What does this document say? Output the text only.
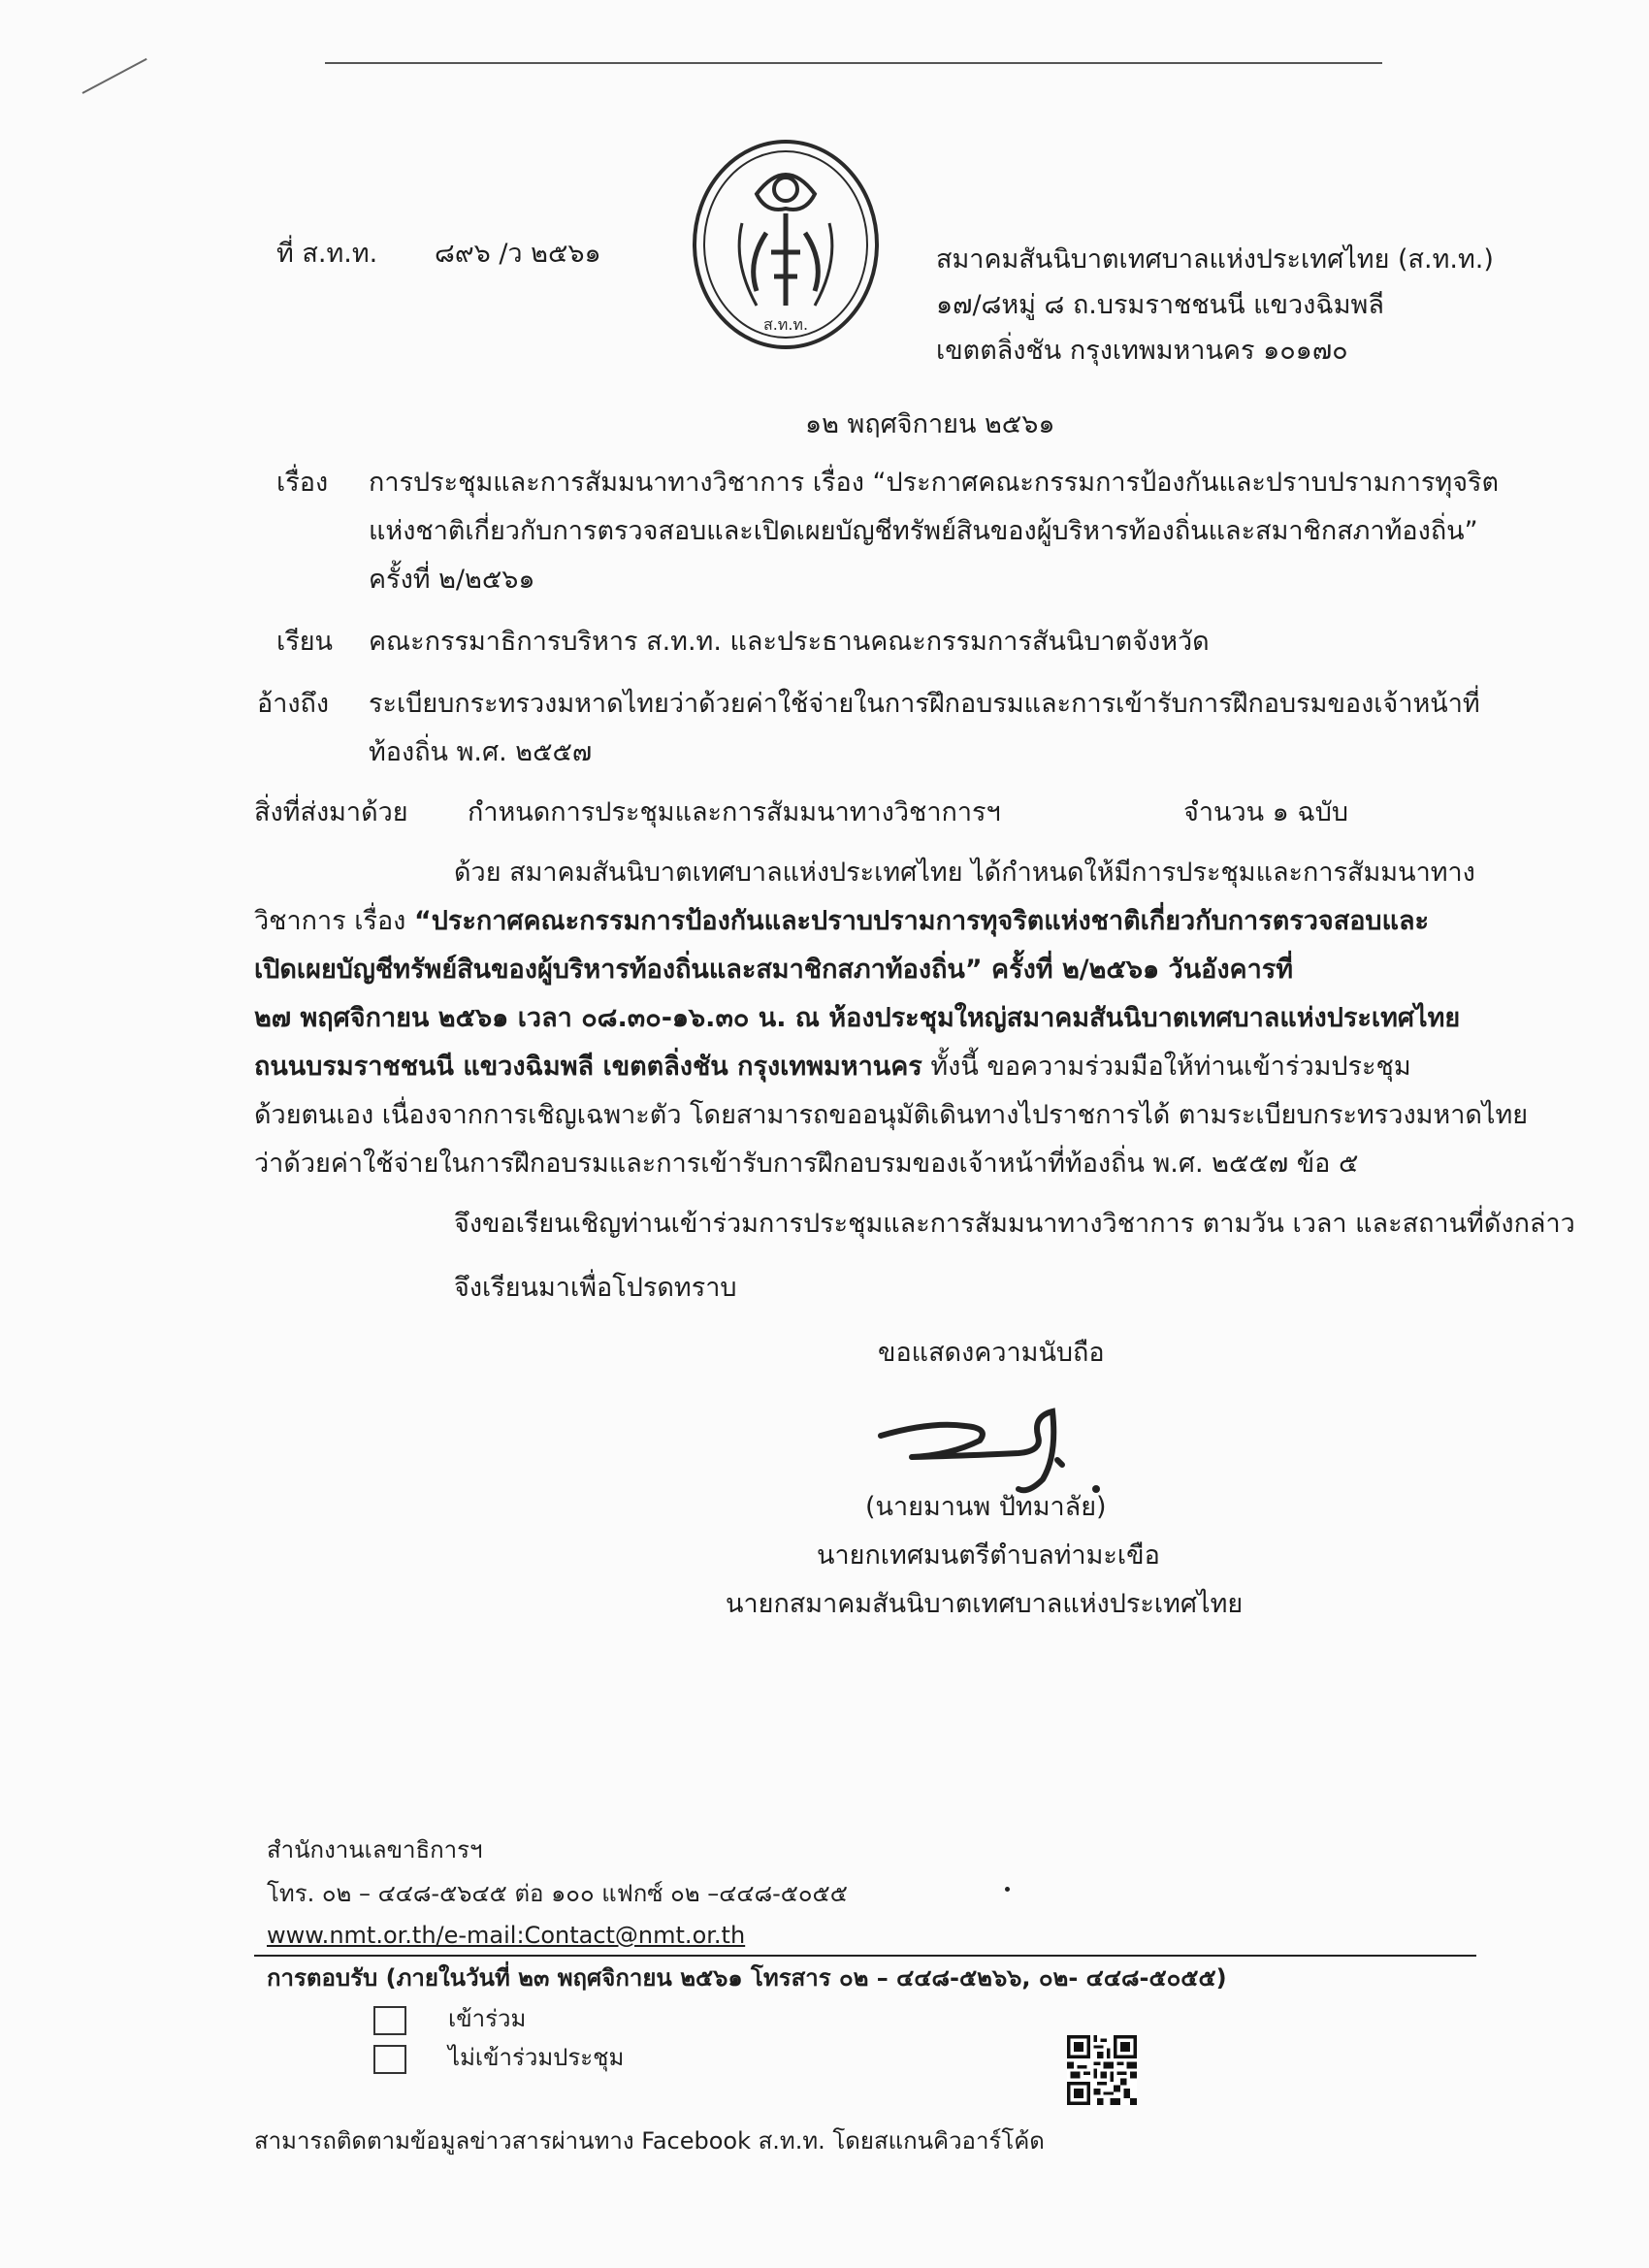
ที่ ส.ท.ท. ๘๙๖ /ว ๒๕๖๑
ส.ท.ท.
สมาคมสันนิบาตเทศบาลแห่งประเทศไทย (ส.ท.ท.)
๑๗/๘หมู่ ๘ ถ.บรมราชชนนี แขวงฉิมพลี
เขตตลิ่งชัน กรุงเทพมหานคร ๑๐๑๗๐
๑๒ พฤศจิกายน ๒๕๖๑
เรื่อง การประชุมและการสัมมนาทางวิชาการ เรื่อง “ประกาศคณะกรรมการป้องกันและปราบปรามการทุจริต
แห่งชาติเกี่ยวกับการตรวจสอบและเปิดเผยบัญชีทรัพย์สินของผู้บริหารท้องถิ่นและสมาชิกสภาท้องถิ่น”
ครั้งที่ ๒/๒๕๖๑
เรียน คณะกรรมาธิการบริหาร ส.ท.ท. และประธานคณะกรรมการสันนิบาตจังหวัด
อ้างถึง ระเบียบกระทรวงมหาดไทยว่าด้วยค่าใช้จ่ายในการฝึกอบรมและการเข้ารับการฝึกอบรมของเจ้าหน้าที่
ท้องถิ่น พ.ศ. ๒๕๕๗
สิ่งที่ส่งมาด้วย กำหนดการประชุมและการสัมมนาทางวิชาการฯ	จำนวน ๑ ฉบับ
ด้วย สมาคมสันนิบาตเทศบาลแห่งประเทศไทย ได้กำหนดให้มีการประชุมและการสัมมนาทาง
วิชาการ เรื่อง “ประกาศคณะกรรมการป้องกันและปราบปรามการทุจริตแห่งชาติเกี่ยวกับการตรวจสอบและ
เปิดเผยบัญชีทรัพย์สินของผู้บริหารท้องถิ่นและสมาชิกสภาท้องถิ่น” ครั้งที่ ๒/๒๕๖๑ วันอังคารที่
๒๗ พฤศจิกายน ๒๕๖๑ เวลา ๐๘.๓๐-๑๖.๓๐ น. ณ ห้องประชุมใหญ่สมาคมสันนิบาตเทศบาลแห่งประเทศไทย
ถนนบรมราชชนนี แขวงฉิมพลี เขตตลิ่งชัน กรุงเทพมหานคร ทั้งนี้ ขอความร่วมมือให้ท่านเข้าร่วมประชุม
ด้วยตนเอง เนื่องจากการเชิญเฉพาะตัว โดยสามารถขออนุมัติเดินทางไปราชการได้ ตามระเบียบกระทรวงมหาดไทย
ว่าด้วยค่าใช้จ่ายในการฝึกอบรมและการเข้ารับการฝึกอบรมของเจ้าหน้าที่ท้องถิ่น พ.ศ. ๒๕๕๗ ข้อ ๕
จึงขอเรียนเชิญท่านเข้าร่วมการประชุมและการสัมมนาทางวิชาการ ตามวัน เวลา และสถานที่ดังกล่าว
จึงเรียนมาเพื่อโปรดทราบ
ขอแสดงความนับถือ
(นายมานพ ปัทมาลัย)
นายกเทศมนตรีตำบลท่ามะเขือ
นายกสมาคมสันนิบาตเทศบาลแห่งประเทศไทย
สำนักงานเลขาธิการฯ
โทร. ๐๒ – ๔๔๘-๕๖๔๕ ต่อ ๑๐๐ แฟกซ์ ๐๒ –๔๔๘-๕๐๕๕
www.nmt.or.th/e-mail:Contact@nmt.or.th
การตอบรับ (ภายในวันที่ ๒๓ พฤศจิกายน ๒๕๖๑ โทรสาร ๐๒ – ๔๔๘-๕๒๖๖, ๐๒- ๔๔๘-๕๐๕๕)
เข้าร่วม
ไม่เข้าร่วมประชุม
สามารถติดตามข้อมูลข่าวสารผ่านทาง Facebook ส.ท.ท. โดยสแกนคิวอาร์โค้ด
